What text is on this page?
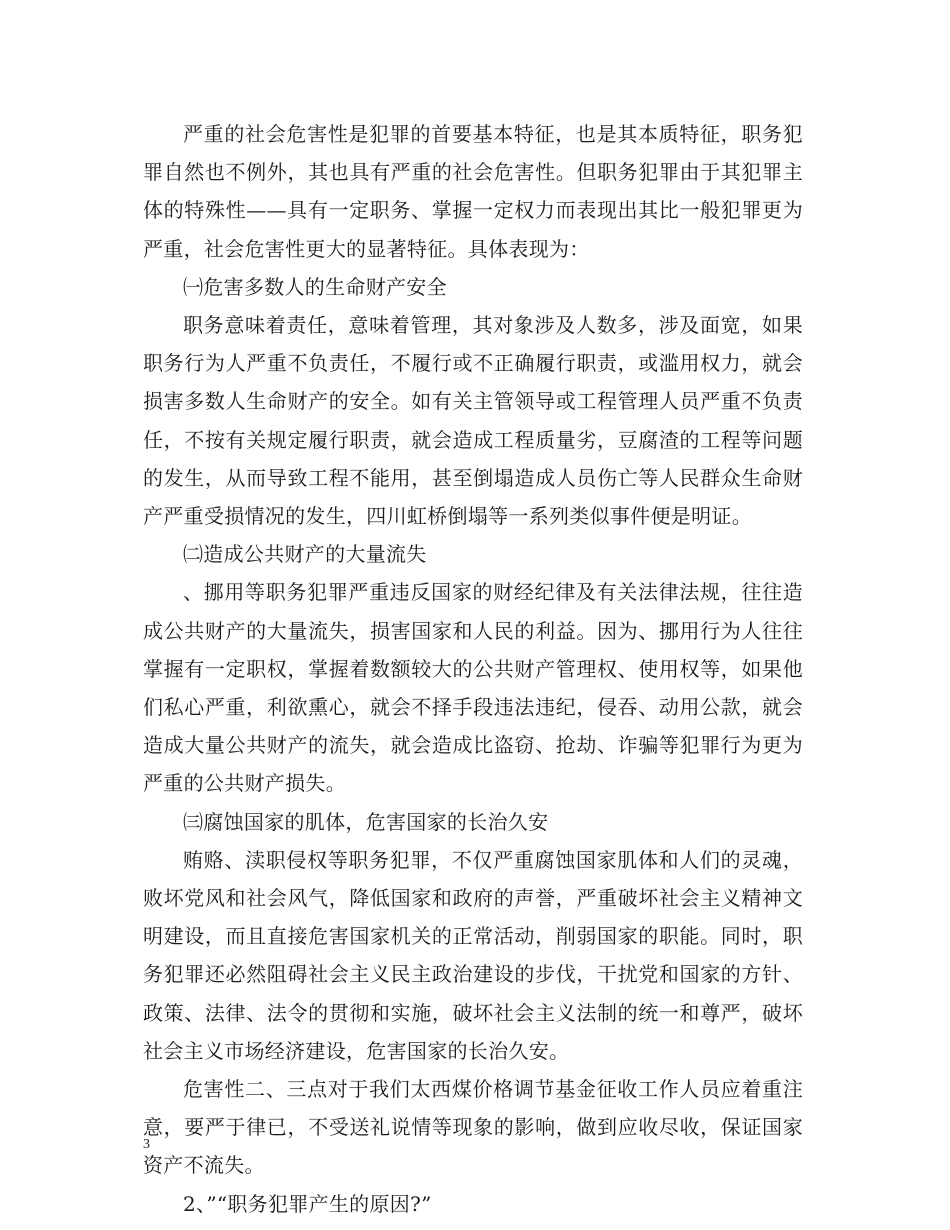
严重的社会危害性是犯罪的首要基本特征，也是其本质特征，职务犯罪自然也不例外，其也具有严重的社会危害性。但职务犯罪由于其犯罪主体的特殊性——具有一定职务、掌握一定权力而表现出其比一般犯罪更为严重，社会危害性更大的显著特征。具体表现为：

㈠危害多数人的生命财产安全

职务意味着责任，意味着管理，其对象涉及人数多，涉及面宽，如果职务行为人严重不负责任，不履行或不正确履行职责，或滥用权力，就会损害多数人生命财产的安全。如有关主管领导或工程管理人员严重不负责任，不按有关规定履行职责，就会造成工程质量劣，豆腐渣的工程等问题的发生，从而导致工程不能用，甚至倒塌造成人员伤亡等人民群众生命财产严重受损情况的发生，四川虹桥倒塌等一系列类似事件便是明证。

㈡造成公共财产的大量流失

、挪用等职务犯罪严重违反国家的财经纪律及有关法律法规，往往造成公共财产的大量流失，损害国家和人民的利益。因为、挪用行为人往往掌握有一定职权，掌握着数额较大的公共财产管理权、使用权等，如果他们私心严重，利欲熏心，就会不择手段违法违纪，侵吞、动用公款，就会造成大量公共财产的流失，就会造成比盗窃、抢劫、诈骗等犯罪行为更为严重的公共财产损失。

㈢腐蚀国家的肌体，危害国家的长治久安

贿赂、渎职侵权等职务犯罪，不仅严重腐蚀国家肌体和人们的灵魂，败坏党风和社会风气，降低国家和政府的声誉，严重破坏社会主义精神文明建设，而且直接危害国家机关的正常活动，削弱国家的职能。同时，职务犯罪还必然阻碍社会主义民主政治建设的步伐，干扰党和国家的方针、政策、法律、法令的贯彻和实施，破坏社会主义法制的统一和尊严，破坏社会主义市场经济建设，危害国家的长治久安。

危害性二、三点对于我们太西煤价格调节基金征收工作人员应着重注意，要严于律已，不受送礼说情等现象的影响，做到应收尽收，保证国家资产不流失。

2、”“职务犯罪产生的原因?”

3
